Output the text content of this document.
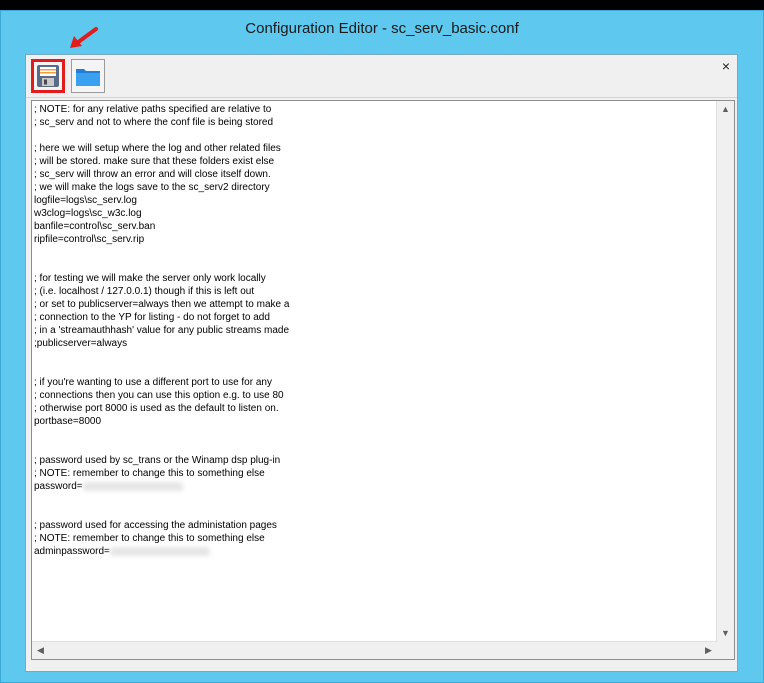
Configuration Editor - sc_serv_basic.conf
×
; NOTE: for any relative paths specified are relative to
; sc_serv and not to where the conf file is being stored

; here we will setup where the log and other related files
; will be stored. make sure that these folders exist else
; sc_serv will throw an error and will close itself down.
; we will make the logs save to the sc_serv2 directory
logfile=logs\sc_serv.log
w3clog=logs\sc_w3c.log
banfile=control\sc_serv.ban
ripfile=control\sc_serv.rip

; for testing we will make the server only work locally
; (i.e. localhost / 127.0.0.1) though if this is left out
; or set to publicserver=always then we attempt to make a
; connection to the YP for listing - do not forget to add
; in a 'streamauthhash' value for any public streams made
;publicserver=always

; if you're wanting to use a different port to use for any
; connections then you can use this option e.g. to use 80
; otherwise port 8000 is used as the default to listen on.
portbase=8000

; password used by sc_trans or the Winamp dsp plug-in
; NOTE: remember to change this to something else
password=

; password used for accessing the administation pages
; NOTE: remember to change this to something else
adminpassword=

▲
▼
◀	▶
